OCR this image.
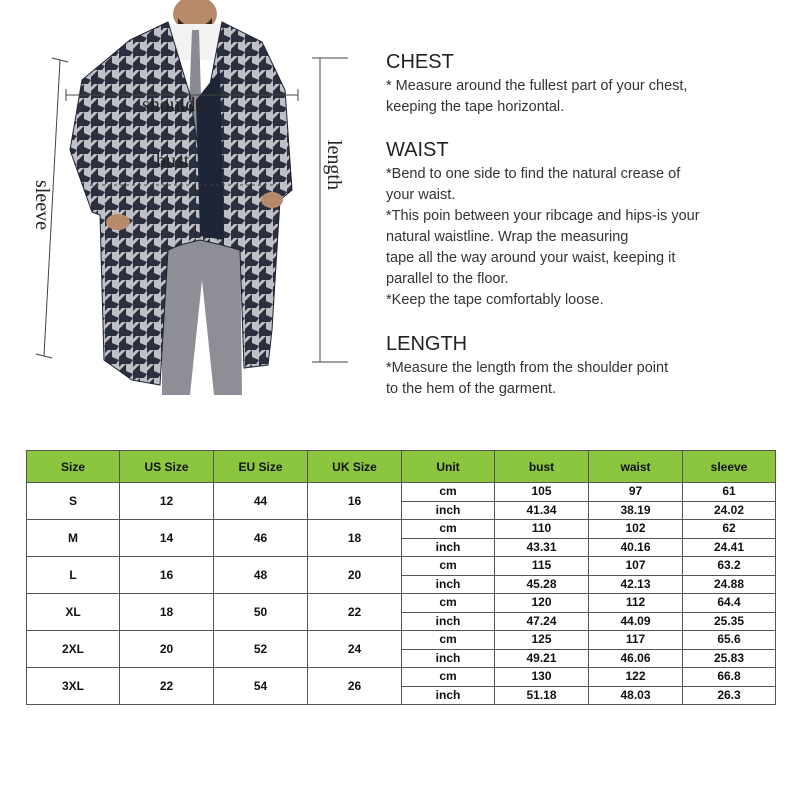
shoulder
bust	length
sleeve
CHEST
* Measure around the fullest part of your chest,
keeping the tape horizontal.
WAIST
*Bend to one side to find the natural crease of
your waist.
*This poin between your ribcage and hips-is your
natural waistline. Wrap the measuring
tape all the way around your waist, keeping it
parallel to the floor.
*Keep the tape comfortably loose.
LENGTH
*Measure the length from the shoulder point
to the hem of the garment.
Size	US Size	EU Size	UK Size	Unit	bust	waist	sleeve
S	12	44	16	cm	105	97	61
				inch	41.34	38.19	24.02
M	14	46	18	cm	110	102	62
				inch	43.31	40.16	24.41
L	16	48	20	cm	115	107	63.2
				inch	45.28	42.13	24.88
XL	18	50	22	cm	120	112	64.4
				inch	47.24	44.09	25.35
2XL	20	52	24	cm	125	117	65.6
				inch	49.21	46.06	25.83
3XL	22	54	26	cm	130	122	66.8
				inch	51.18	48.03	26.3
